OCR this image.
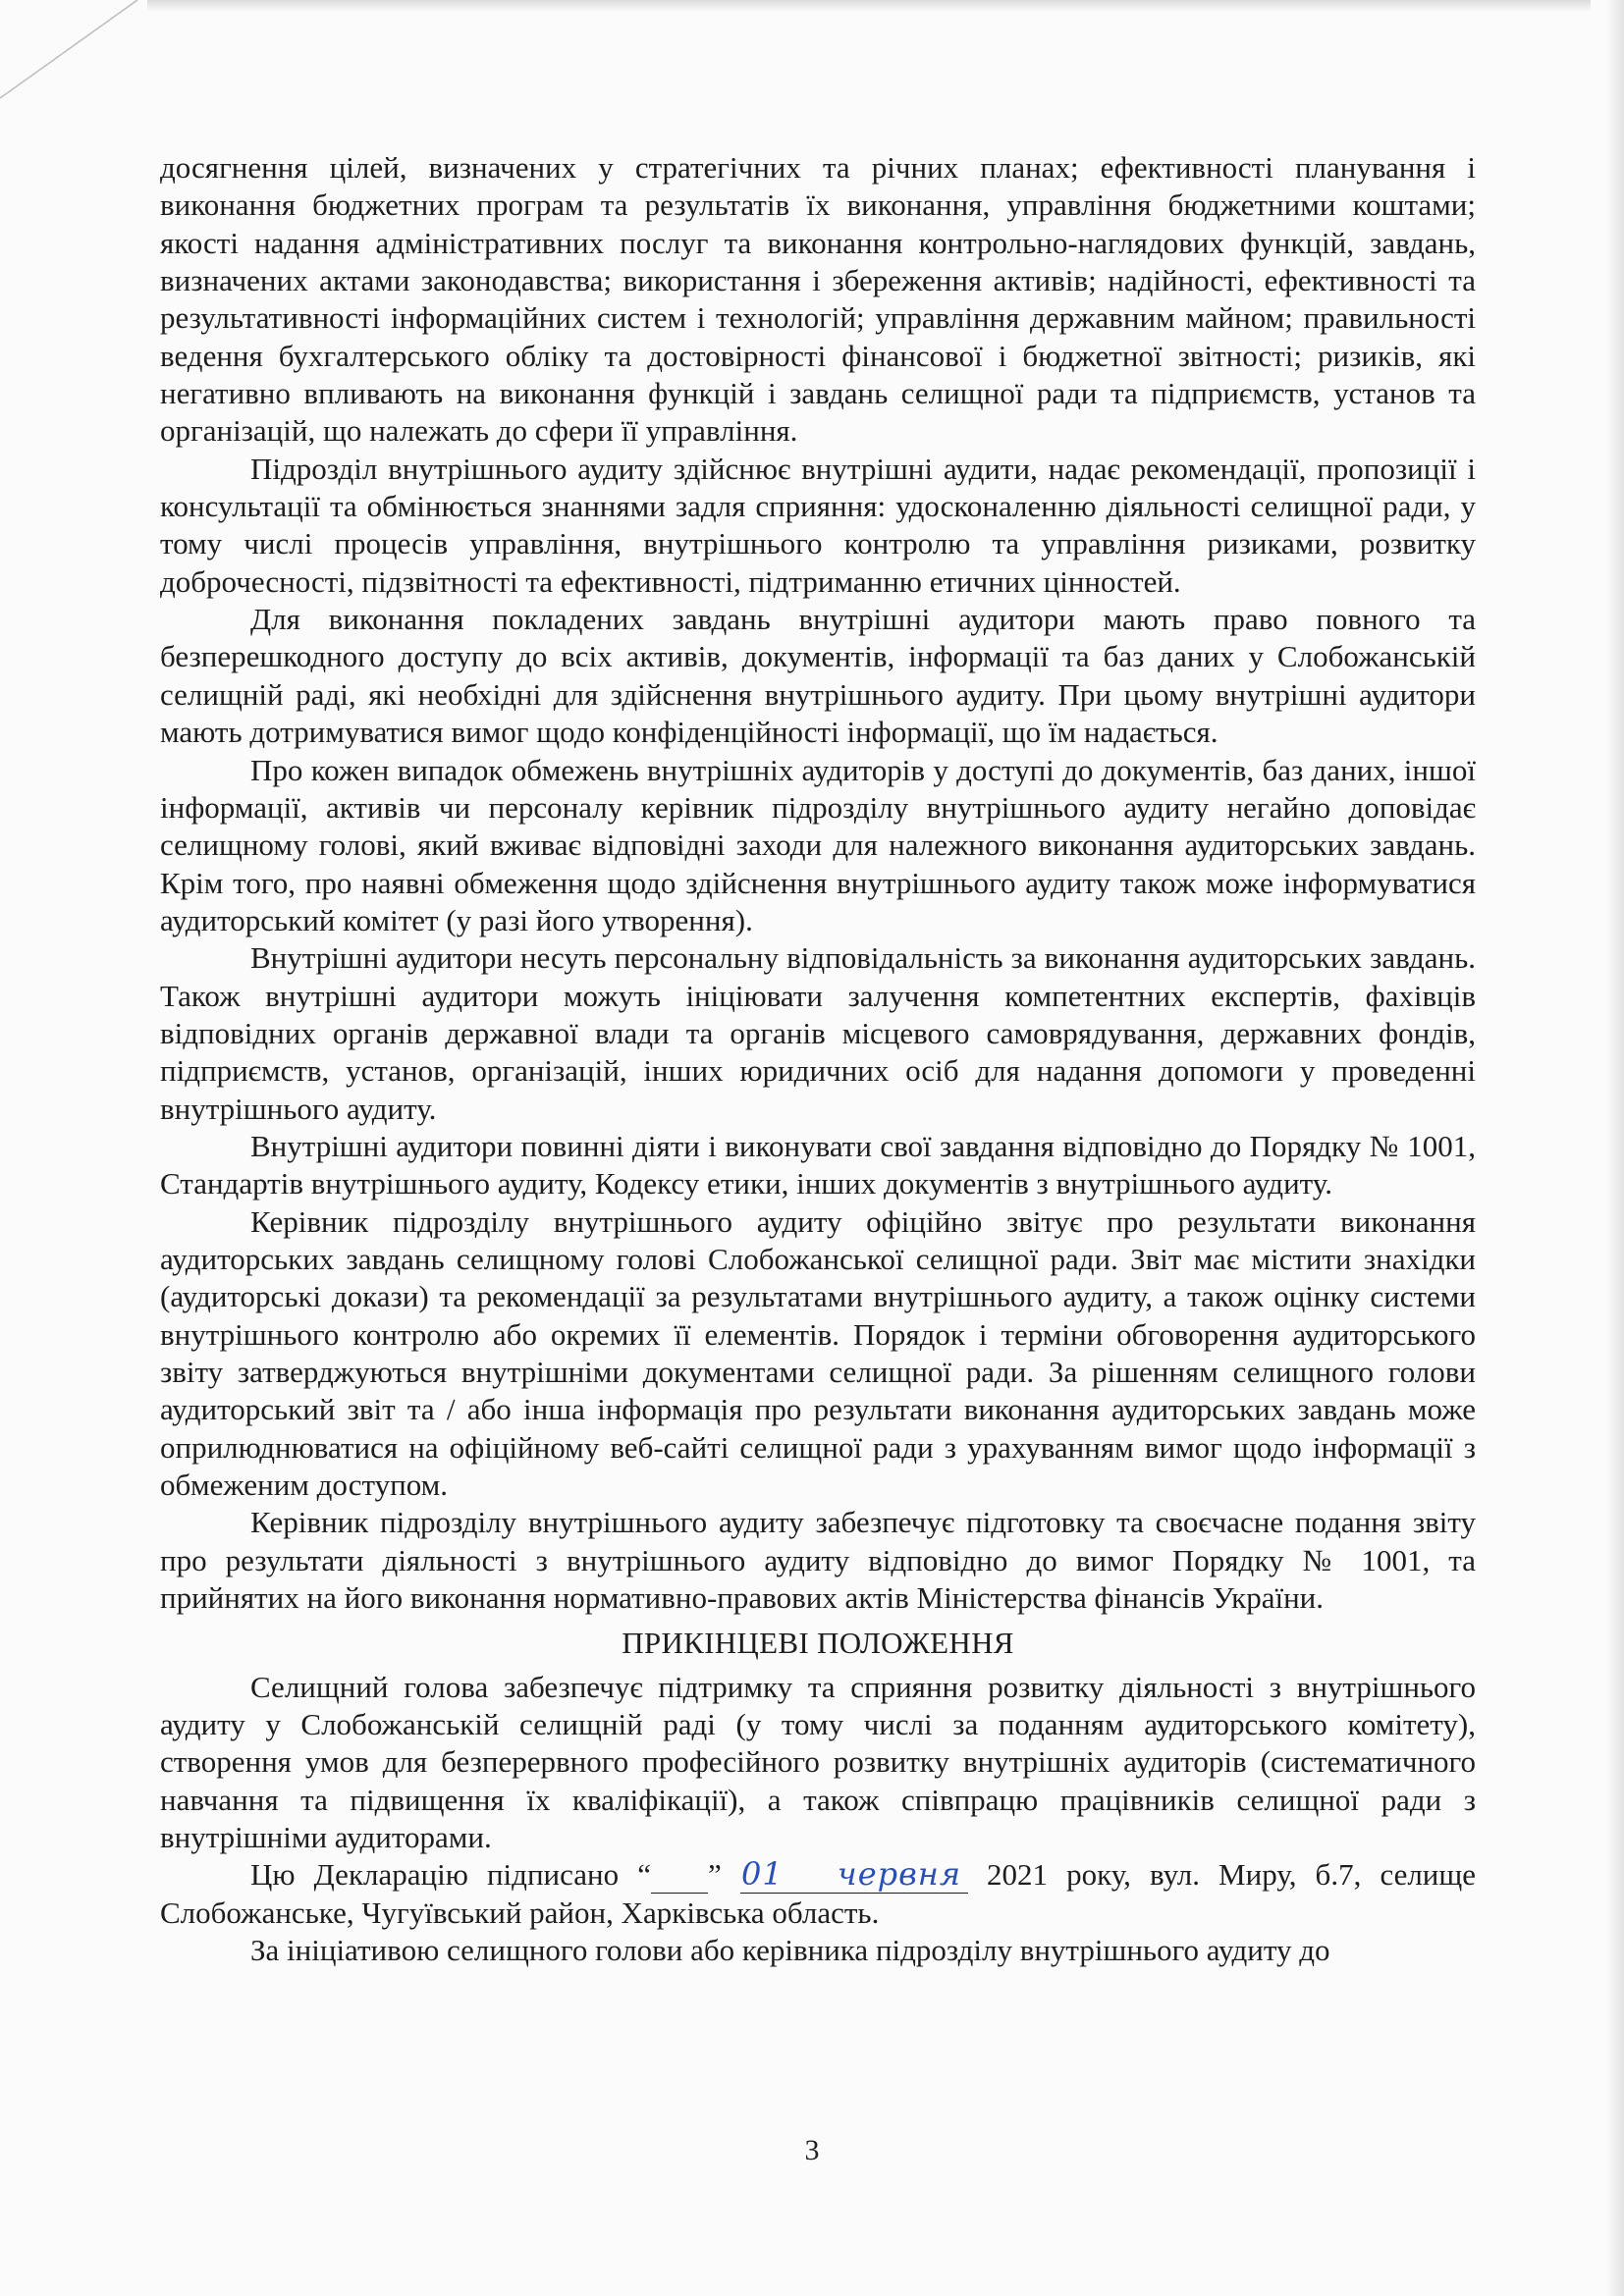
досягнення цілей, визначених у стратегічних та річних планах; ефективності планування і виконання бюджетних програм та результатів їх виконання, управління бюджетними коштами; якості надання адміністративних послуг та виконання контрольно-наглядових функцій, завдань, визначених актами законодавства; використання і збереження активів; надійності, ефективності та результативності інформаційних систем і технологій; управління державним майном; правильності ведення бухгалтерського обліку та достовірності фінансової і бюджетної звітності; ризиків, які негативно впливають на виконання функцій і завдань селищної ради та підприємств, установ та організацій, що належать до сфери її управління.

Підрозділ внутрішнього аудиту здійснює внутрішні аудити, надає рекомендації, пропозиції і консультації та обмінюється знаннями задля сприяння: удосконаленню діяльності селищної ради, у тому числі процесів управління, внутрішнього контролю та управління ризиками, розвитку доброчесності, підзвітності та ефективності, підтриманню етичних цінностей.

Для виконання покладених завдань внутрішні аудитори мають право повного та безперешкодного доступу до всіх активів, документів, інформації та баз даних у Слобожанській селищній раді, які необхідні для здійснення внутрішнього аудиту. При цьому внутрішні аудитори мають дотримуватися вимог щодо конфіденційності інформації, що їм надається.

Про кожен випадок обмежень внутрішніх аудиторів у доступі до документів, баз даних, іншої інформації, активів чи персоналу керівник підрозділу внутрішнього аудиту негайно доповідає селищному голові, який вживає відповідні заходи для належного виконання аудиторських завдань. Крім того, про наявні обмеження щодо здійснення внутрішнього аудиту також може інформуватися аудиторський комітет (у разі його утворення).

Внутрішні аудитори несуть персональну відповідальність за виконання аудиторських завдань. Також внутрішні аудитори можуть ініціювати залучення компетентних експертів, фахівців відповідних органів державної влади та органів місцевого самоврядування, державних фондів, підприємств, установ, організацій, інших юридичних осіб для надання допомоги у проведенні внутрішнього аудиту.

Внутрішні аудитори повинні діяти і виконувати свої завдання відповідно до Порядку № 1001, Стандартів внутрішнього аудиту, Кодексу етики, інших документів з внутрішнього аудиту.

Керівник підрозділу внутрішнього аудиту офіційно звітує про результати виконання аудиторських завдань селищному голові Слобожанської селищної ради. Звіт має містити знахідки (аудиторські докази) та рекомендації за результатами внутрішнього аудиту, а також оцінку системи внутрішнього контролю або окремих її елементів. Порядок і терміни обговорення аудиторського звіту затверджуються внутрішніми документами селищної ради. За рішенням селищного голови аудиторський звіт та / або інша інформація про результати виконання аудиторських завдань може оприлюднюватися на офіційному веб-сайті селищної ради з урахуванням вимог щодо інформації з обмеженим доступом.

Керівник підрозділу внутрішнього аудиту забезпечує підготовку та своєчасне подання звіту про результати діяльності з внутрішнього аудиту відповідно до вимог Порядку № 1001, та прийнятих на його виконання нормативно-правових актів Міністерства фінансів України.

ПРИКІНЦЕВІ ПОЛОЖЕННЯ

Селищний голова забезпечує підтримку та сприяння розвитку діяльності з внутрішнього аудиту у Слобожанській селищній раді (у тому числі за поданням аудиторського комітету), створення умов для безперервного професійного розвитку внутрішніх аудиторів (систематичного навчання та підвищення їх кваліфікації), а також співпрацю працівників селищної ради з внутрішніми аудиторами.

Цю Декларацію підписано “	01”	червня 2021 року, вул. Миру, б.7, селище Слобожанське, Чугуївський район, Харківська область.

За ініціативою селищного голови або керівника підрозділу внутрішнього аудиту до

3
